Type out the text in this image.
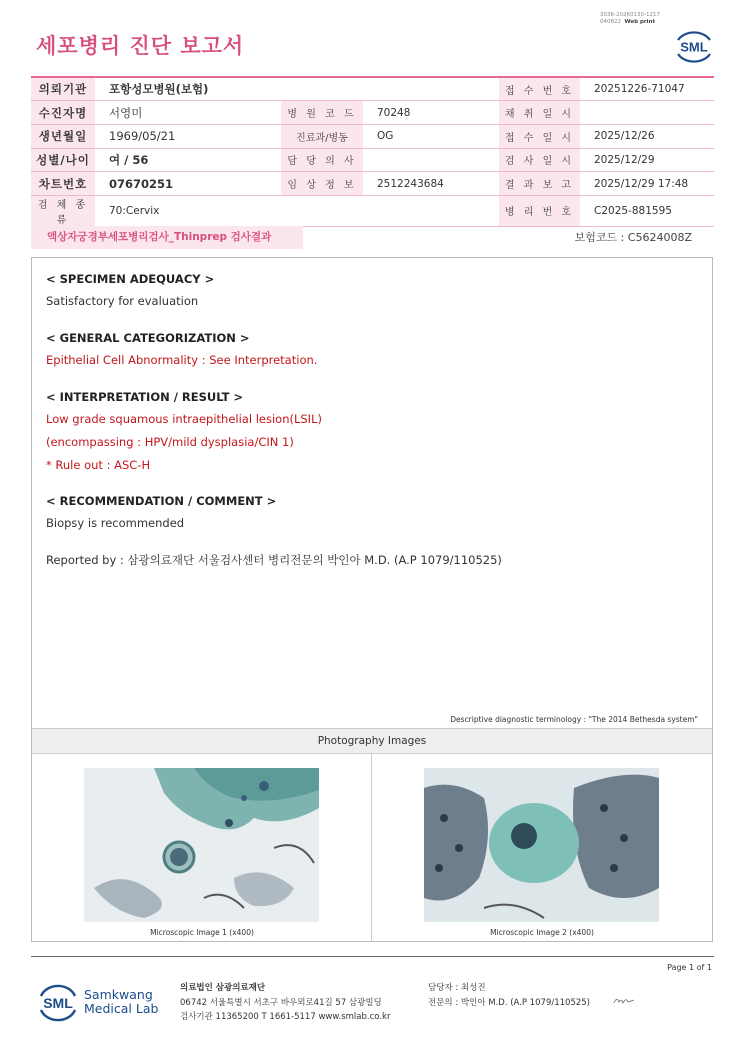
3036-20260130-1217
040822 Web print
세포병리 진단 보고서	SML
의뢰기관	포항성모병원(보험)			접 수 번 호	20251226-71047
수진자명	서영미	병 원 코 드	70248	채 취 일 시	
생년월일	1969/05/21	진료과/병동	OG	접 수 일 시	2025/12/26
성별/나이	여 / 56	담 당 의 사		검 사 일 시	2025/12/29
차트번호	07670251	임 상 정 보	2512243684	결 과 보 고	2025/12/29 17:48
검 체 종 류	70:Cervix			병 리 번 호	C2025-881595
액상자궁경부세포병리검사_Thinprep 검사결과	보험코드 : C5624008Z
< SPECIMEN ADEQUACY >
Satisfactory for evaluation
< GENERAL CATEGORIZATION >
Epithelial Cell Abnormality : See Interpretation.
< INTERPRETATION / RESULT >
Low grade squamous intraepithelial lesion(LSIL)
(encompassing : HPV/mild dysplasia/CIN 1)
* Rule out : ASC-H
< RECOMMENDATION / COMMENT >
Biopsy is recommended
Reported by : 삼광의료재단 서울검사센터 병리전문의 박인아 M.D. (A.P 1079/110525)
Descriptive diagnostic terminology : "The 2014 Bethesda system"
Photography Images
Microscopic Image 1 (x400)	Microscopic Image 2 (x400)
Page 1 of 1
SML
Samkwang
Medical Lab
의료법인 삼광의료재단
06742 서울특별시 서초구 바우뫼로41길 57 삼광빌딩
검사기관 11365200 T 1661-5117 www.smlab.co.kr
담당자 : 최성진
전문의 : 박인아 M.D. (A.P 1079/110525)
